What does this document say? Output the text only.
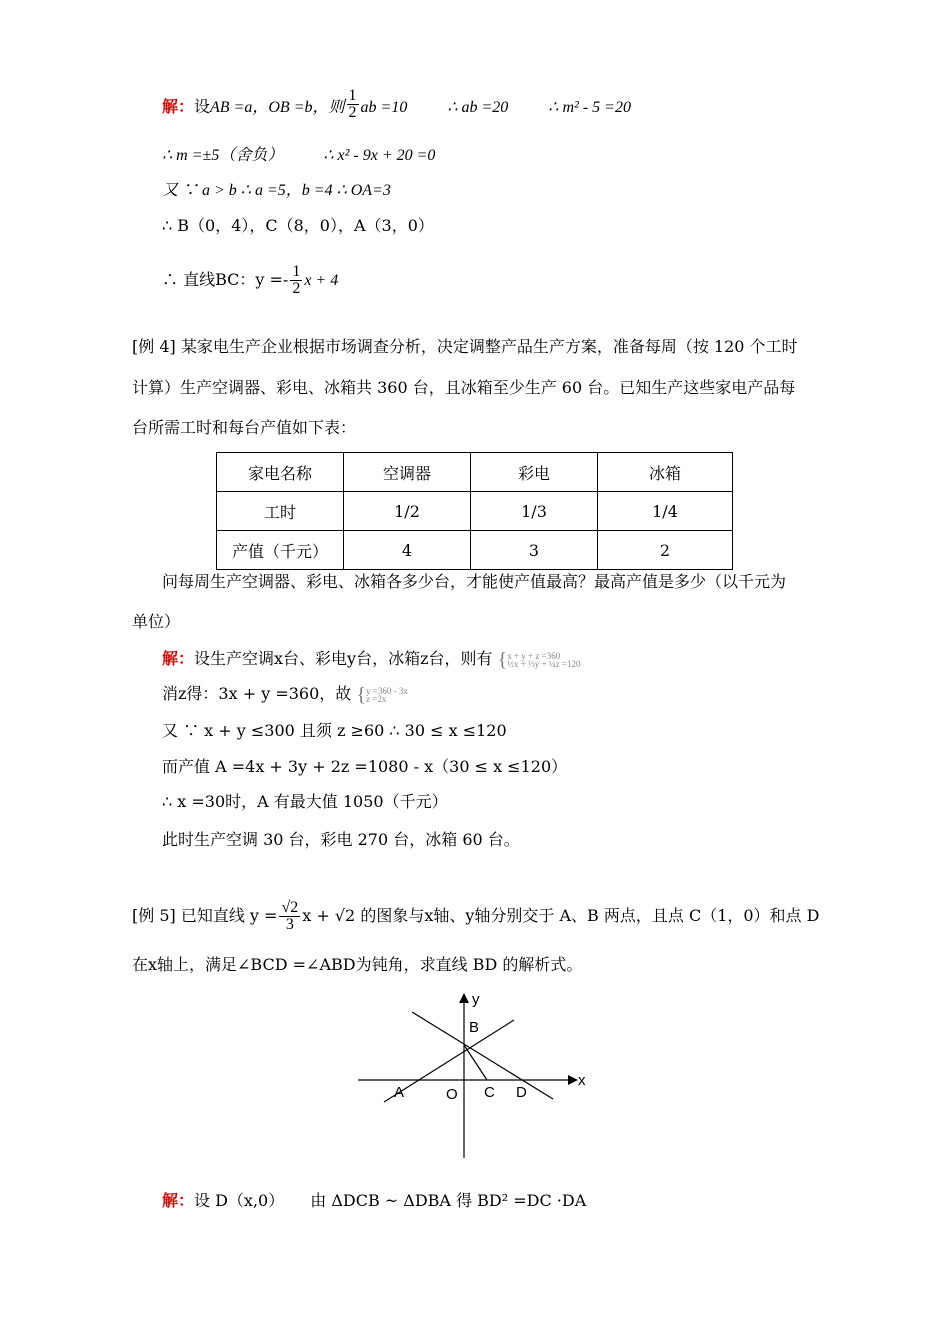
解：设AB =a，OB =b，则 $\frac{1}{2}$ ab =10	∴ ab =20	∴ m² - 5 =20
∴ m =±5（舍负）	∴ x² - 9x + 20 =0
又 ∵ a > b ∴ a =5，b =4 ∴ OA=3
∴ B（0，4），C（8，0），A（3，0）
∴ 直线BC：$y =- \frac{1}{2}$ x + 4
[例 4] 某家电生产企业根据市场调查分析，决定调整产品生产方案，准备每周（按 120 个工时
计算）生产空调器、彩电、冰箱共 360 台，且冰箱至少生产 60 台。已知生产这些家电产品每
台所需工时和每台产值如下表：
家电名称	空调器	彩电	冰箱
工时	1/2	1/3	1/4
产值（千元）	4	3	2
问每周生产空调器、彩电、冰箱各多少台，才能使产值最高？最高产值是多少（以千元为
单位）
解：设生产空调x台、彩电y台，冰箱z台，则有 { x + y + z =360
½x + ⅓y + ¼z =120
消z得：3x + y =360，故 { y =360 - 3x
z =2x
又 ∵ x + y ≤300 且须 z ≥60 ∴ 30 ≤ x ≤120
而产值 A =4x + 3y + 2z =1080 - x（30 ≤ x ≤120）
∴ x =30时，A 有最大值 1050（千元）
此时生产空调 30 台，彩电 270 台，冰箱 60 台。
[例 5] 已知直线 $y = \frac{√2}{3}$ x + √2 的图象与x轴、y轴分别交于 A、B 两点，且点 C（1，0）和点 D
在x轴上，满足∠BCD =∠ABD为钝角，求直线 BD 的解析式。
y
x
B
A	O C D
解：设 D（x,0） 由 ΔDCB ~ ΔDBA 得 BD² =DC ·DA
